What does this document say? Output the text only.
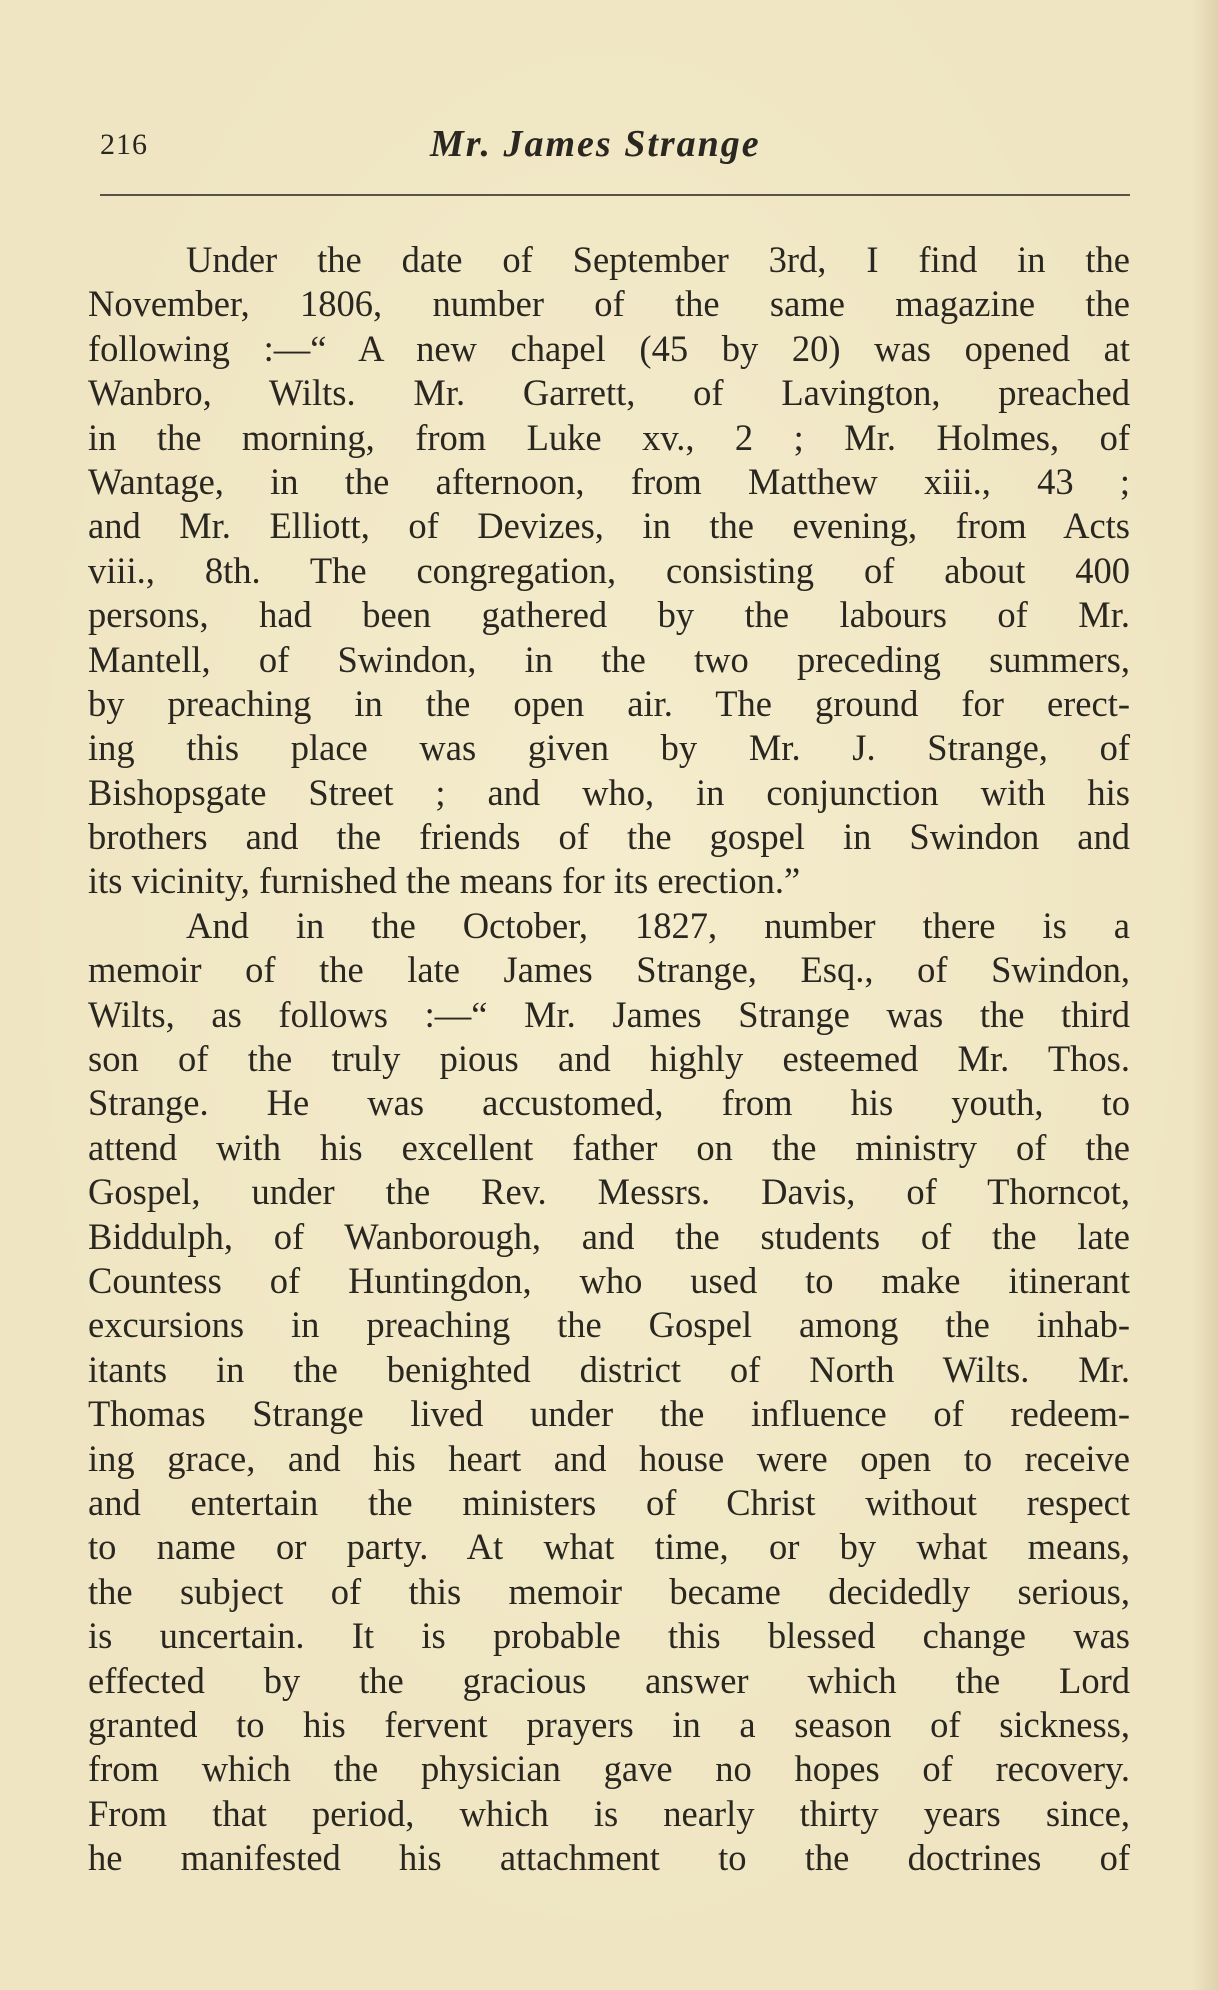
216	Mr. James Strange
Under the date of September 3rd, I find in the
November, 1806, number of the same magazine the
following :—“ A new chapel (45 by 20) was opened at
Wanbro, Wilts. Mr. Garrett, of Lavington, preached
in the morning, from Luke xv., 2 ; Mr. Holmes, of
Wantage, in the afternoon, from Matthew xiii., 43 ;
and Mr. Elliott, of Devizes, in the evening, from Acts
viii., 8th. The congregation, consisting of about 400
persons, had been gathered by the labours of Mr.
Mantell, of Swindon, in the two preceding summers,
by preaching in the open air. The ground for erect-
ing this place was given by Mr. J. Strange, of
Bishopsgate Street ; and who, in conjunction with his
brothers and the friends of the gospel in Swindon and
its vicinity, furnished the means for its erection.”
And in the October, 1827, number there is a
memoir of the late James Strange, Esq., of Swindon,
Wilts, as follows :—“ Mr. James Strange was the third
son of the truly pious and highly esteemed Mr. Thos.
Strange. He was accustomed, from his youth, to
attend with his excellent father on the ministry of the
Gospel, under the Rev. Messrs. Davis, of Thorncot,
Biddulph, of Wanborough, and the students of the late
Countess of Huntingdon, who used to make itinerant
excursions in preaching the Gospel among the inhab-
itants in the benighted district of North Wilts. Mr.
Thomas Strange lived under the influence of redeem-
ing grace, and his heart and house were open to receive
and entertain the ministers of Christ without respect
to name or party. At what time, or by what means,
the subject of this memoir became decidedly serious,
is uncertain. It is probable this blessed change was
effected by the gracious answer which the Lord
granted to his fervent prayers in a season of sickness,
from which the physician gave no hopes of recovery.
From that period, which is nearly thirty years since,
he manifested his attachment to the doctrines of
